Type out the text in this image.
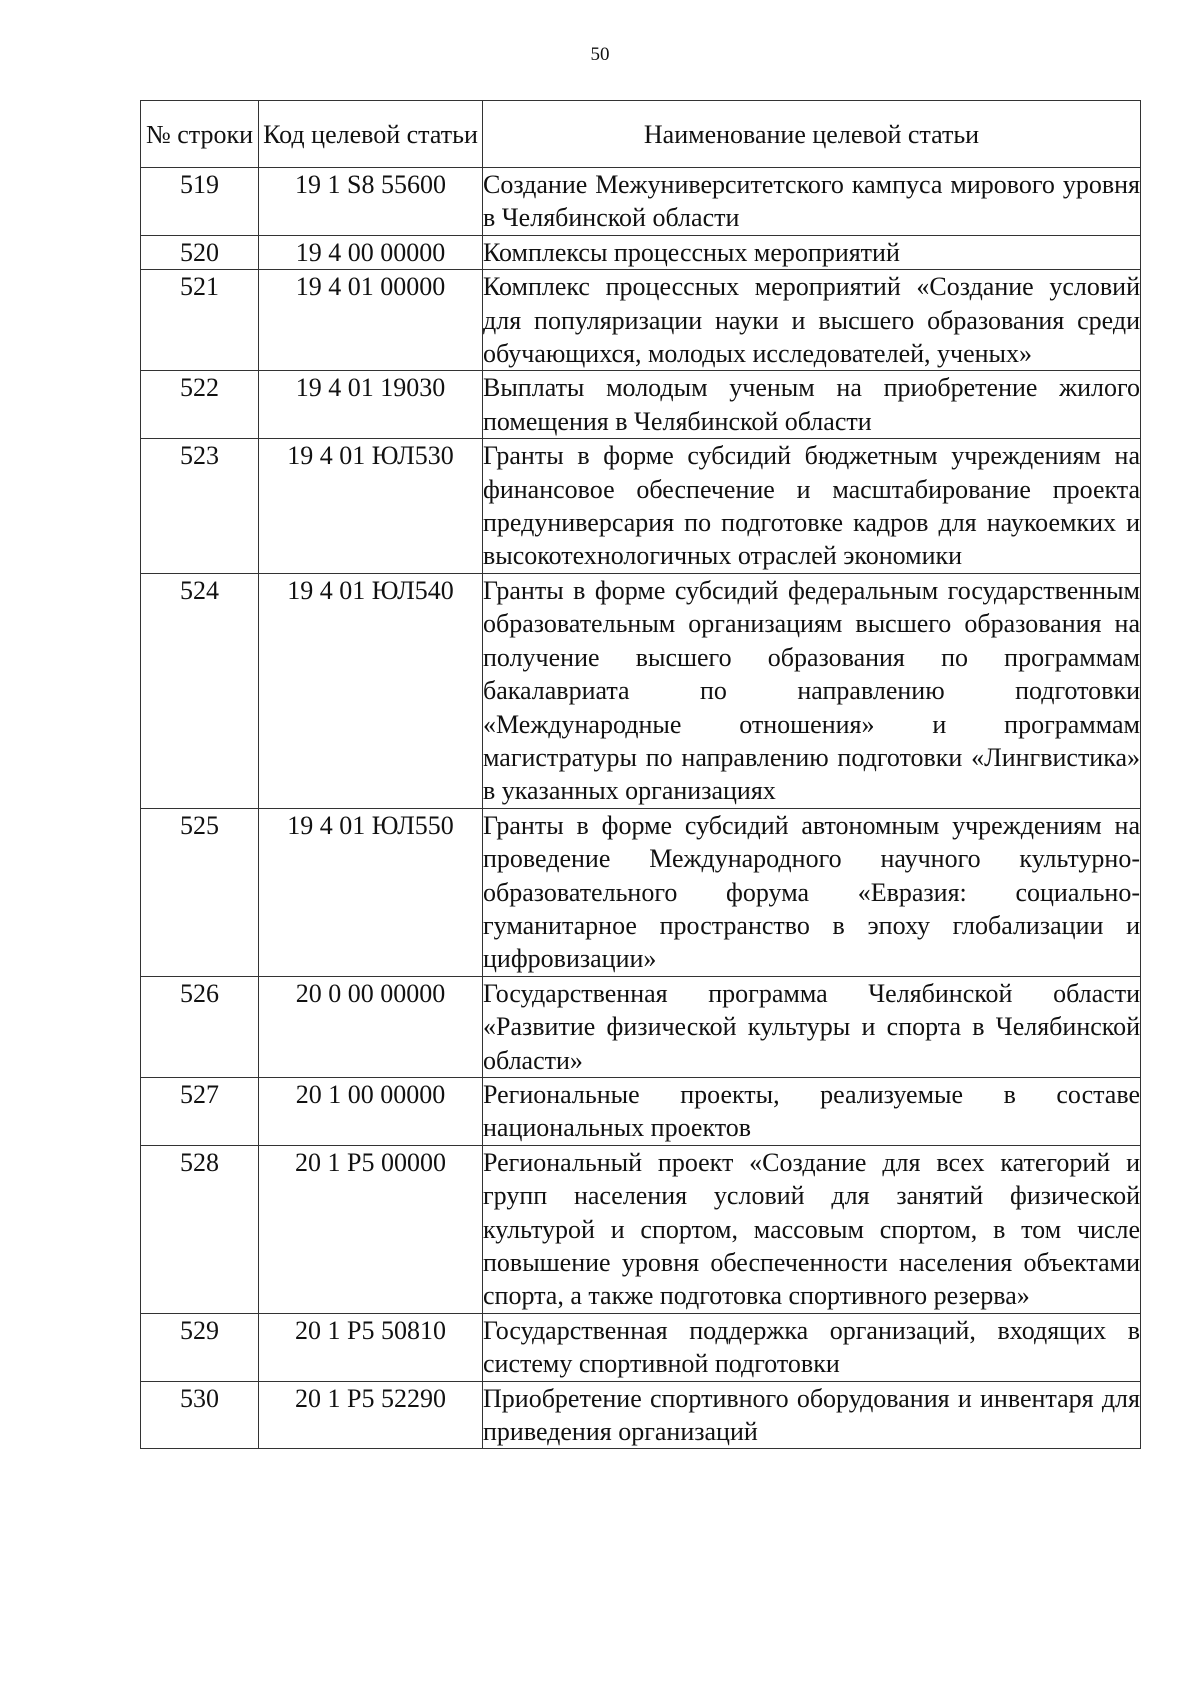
50
№ строки	Код целевой статьи	Наименование целевой статьи
519	19 1 S8 55600	Создание Межуниверситетского кампуса мирового уровня в Челябинской области
520	19 4 00 00000	Комплексы процессных мероприятий
521	19 4 01 00000	Комплекс процессных мероприятий «Создание условий для популяризации науки и высшего образования среди обучающихся, молодых исследователей, ученых»
522	19 4 01 19030	Выплаты молодым ученым на приобретение жилого помещения в Челябинской области
523	19 4 01 ЮЛ530	Гранты в форме субсидий бюджетным учреждениям на финансовое обеспечение и масштабирование проекта предуниверсария по подготовке кадров для наукоемких и высокотехнологичных отраслей экономики
524	19 4 01 ЮЛ540	Гранты в форме субсидий федеральным государственным образовательным организациям высшего образования на получение высшего образования по программам бакалавриата по направлению подготовки «Международные отношения» и программам магистратуры по направлению подготовки «Лингвистика» в указанных организациях
525	19 4 01 ЮЛ550	Гранты в форме субсидий автономным учреждениям на проведение Международного научного культурно-образовательного форума «Евразия: социально-гуманитарное пространство в эпоху глобализации и цифровизации»
526	20 0 00 00000	Государственная программа Челябинской области «Развитие физической культуры и спорта в Челябинской области»
527	20 1 00 00000	Региональные проекты, реализуемые в составе национальных проектов
528	20 1 P5 00000	Региональный проект «Создание для всех категорий и групп населения условий для занятий физической культурой и спортом, массовым спортом, в том числе повышение уровня обеспеченности населения объектами спорта, а также подготовка спортивного резерва»
529	20 1 P5 50810	Государственная поддержка организаций, входящих в систему спортивной подготовки
530	20 1 P5 52290	Приобретение спортивного оборудования и инвентаря для приведения организаций
